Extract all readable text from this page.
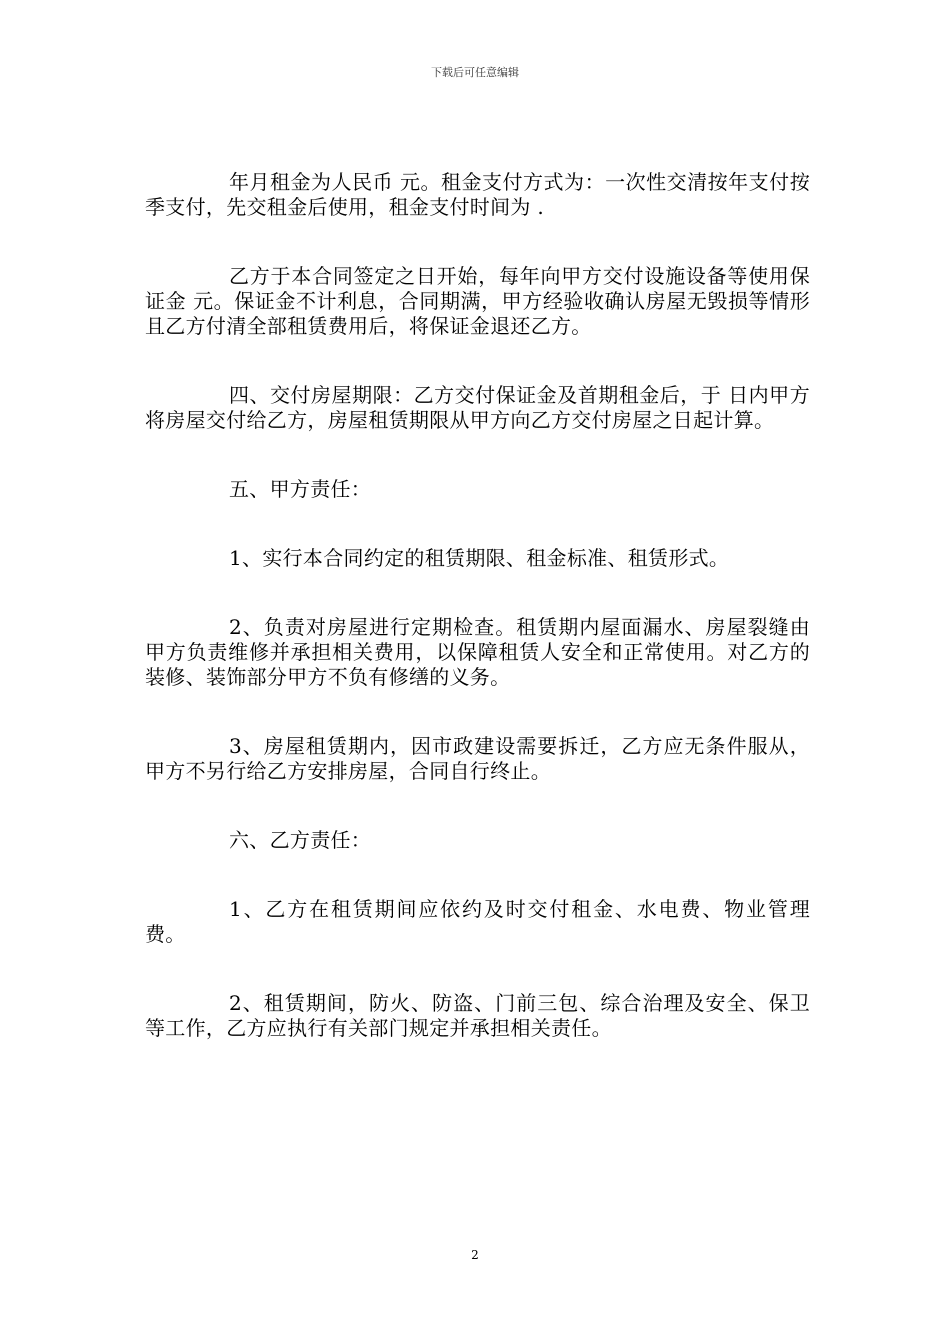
下载后可任意编辑

年月租金为人民币 元。租金支付方式为：一次性交清按年支付按季支付，先交租金后使用，租金支付时间为 .

乙方于本合同签定之日开始，每年向甲方交付设施设备等使用保证金 元。保证金不计利息，合同期满，甲方经验收确认房屋无毁损等情形且乙方付清全部租赁费用后，将保证金退还乙方。

四、交付房屋期限：乙方交付保证金及首期租金后，于 日内甲方将房屋交付给乙方，房屋租赁期限从甲方向乙方交付房屋之日起计算。

五、甲方责任：

1、实行本合同约定的租赁期限、租金标准、租赁形式。

2、负责对房屋进行定期检查。租赁期内屋面漏水、房屋裂缝由甲方负责维修并承担相关费用，以保障租赁人安全和正常使用。对乙方的装修、装饰部分甲方不负有修缮的义务。

3、房屋租赁期内，因市政建设需要拆迁，乙方应无条件服从，甲方不另行给乙方安排房屋，合同自行终止。

六、乙方责任：

1、乙方在租赁期间应依约及时交付租金、水电费、物业管理费。

2、租赁期间，防火、防盗、门前三包、综合治理及安全、保卫等工作，乙方应执行有关部门规定并承担相关责任。

2
